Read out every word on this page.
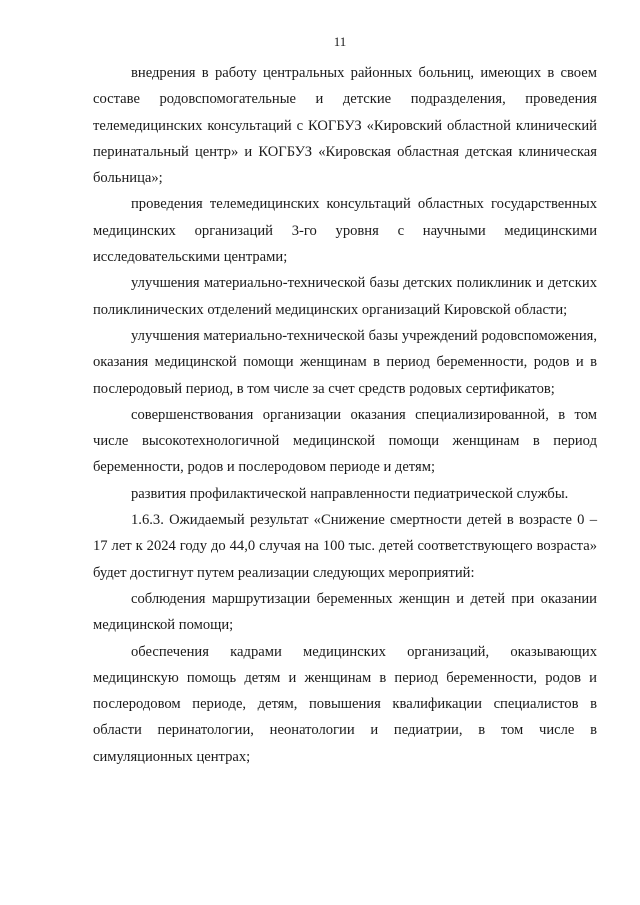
11

внедрения в работу центральных районных больниц, имеющих в своем составе родовспомогательные и детские подразделения, проведения телемедицинских консультаций с КОГБУЗ «Кировский областной клинический перинатальный центр» и КОГБУЗ «Кировская областная детская клиническая больница»;

проведения телемедицинских консультаций областных государственных медицинских организаций 3-го уровня с научными медицинскими исследовательскими центрами;

улучшения материально-технической базы детских поликлиник и детских поликлинических отделений медицинских организаций Кировской области;

улучшения материально-технической базы учреждений родовспоможения, оказания медицинской помощи женщинам в период беременности, родов и в послеродовый период, в том числе за счет средств родовых сертификатов;

совершенствования организации оказания специализированной, в том числе высокотехнологичной медицинской помощи женщинам в период беременности, родов и послеродовом периоде и детям;

развития профилактической направленности педиатрической службы.

1.6.3. Ожидаемый результат «Снижение смертности детей в возрасте 0 – 17 лет к 2024 году до 44,0 случая на 100 тыс. детей соответствующего возраста» будет достигнут путем реализации следующих мероприятий:

соблюдения маршрутизации беременных женщин и детей при оказании медицинской помощи;

обеспечения кадрами медицинских организаций, оказывающих медицинскую помощь детям и женщинам в период беременности, родов и послеродовом периоде, детям, повышения квалификации специалистов в области перинатологии, неонатологии и педиатрии, в том числе в симуляционных центрах;
